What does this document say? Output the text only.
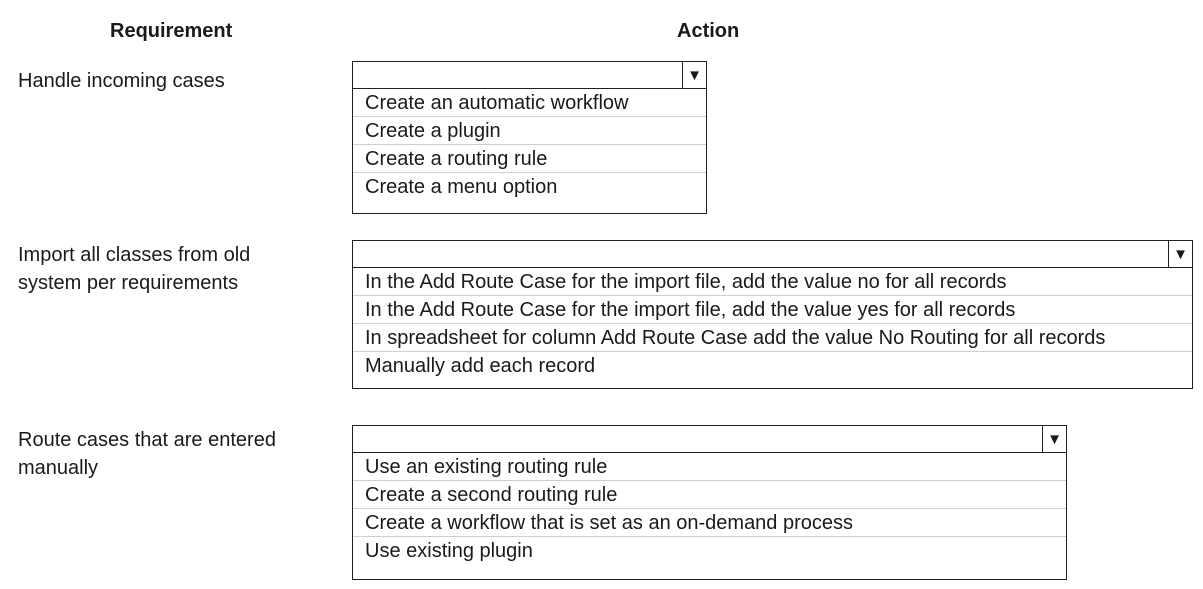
Requirement	Action
Handle incoming cases	▼
Create an automatic workflow
Create a plugin
Create a routing rule
Create a menu option
Import all classes from old
system per requirements
▼
In the Add Route Case for the import file, add the value no for all records
In the Add Route Case for the import file, add the value yes for all records
In spreadsheet for column Add Route Case add the value No Routing for all records
Manually add each record
Route cases that are entered
manually
▼
Use an existing routing rule
Create a second routing rule
Create a workflow that is set as an on-demand process
Use existing plugin
